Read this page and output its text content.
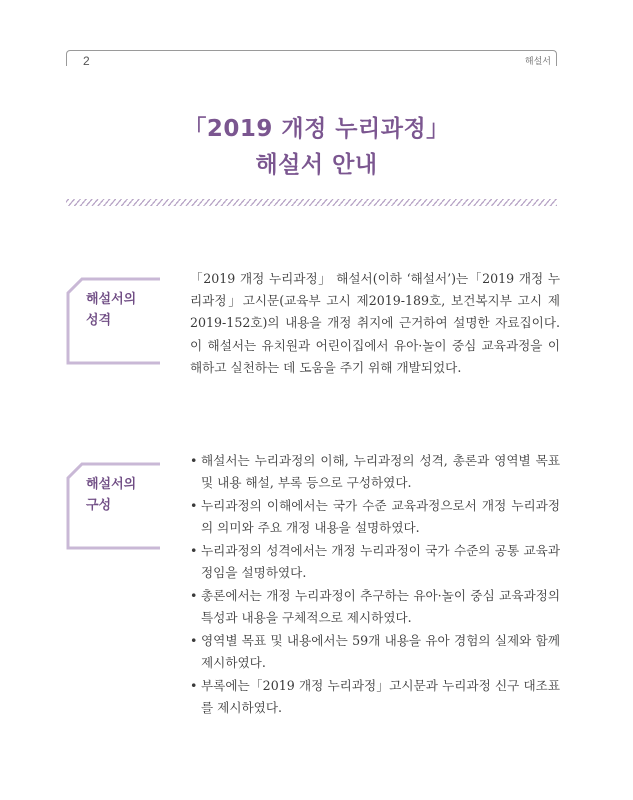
2	해설서
「2019 개정 누리과정」
해설서 안내
해설서의
성격
「2019 개정 누리과정」 해설서(이하 ‘해설서’)는「2019 개정 누리과정」고시문(교육부 고시 제2019-189호, 보건복지부 고시 제2019-152호)의 내용을 개정 취지에 근거하여 설명한 자료집이다. 이 해설서는 유치원과 어린이집에서 유아·놀이 중심 교육과정을 이해하고 실천하는 데 도움을 주기 위해 개발되었다.
해설서의
구성
• 해설서는 누리과정의 이해, 누리과정의 성격, 총론과 영역별 목표 및 내용 해설, 부록 등으로 구성하였다.
• 누리과정의 이해에서는 국가 수준 교육과정으로서 개정 누리과정의 의미와 주요 개정 내용을 설명하였다.
• 누리과정의 성격에서는 개정 누리과정이 국가 수준의 공통 교육과정임을 설명하였다.
• 총론에서는 개정 누리과정이 추구하는 유아·놀이 중심 교육과정의 특성과 내용을 구체적으로 제시하였다.
• 영역별 목표 및 내용에서는 59개 내용을 유아 경험의 실제와 함께 제시하였다.
• 부록에는「2019 개정 누리과정」고시문과 누리과정 신구 대조표를 제시하였다.
